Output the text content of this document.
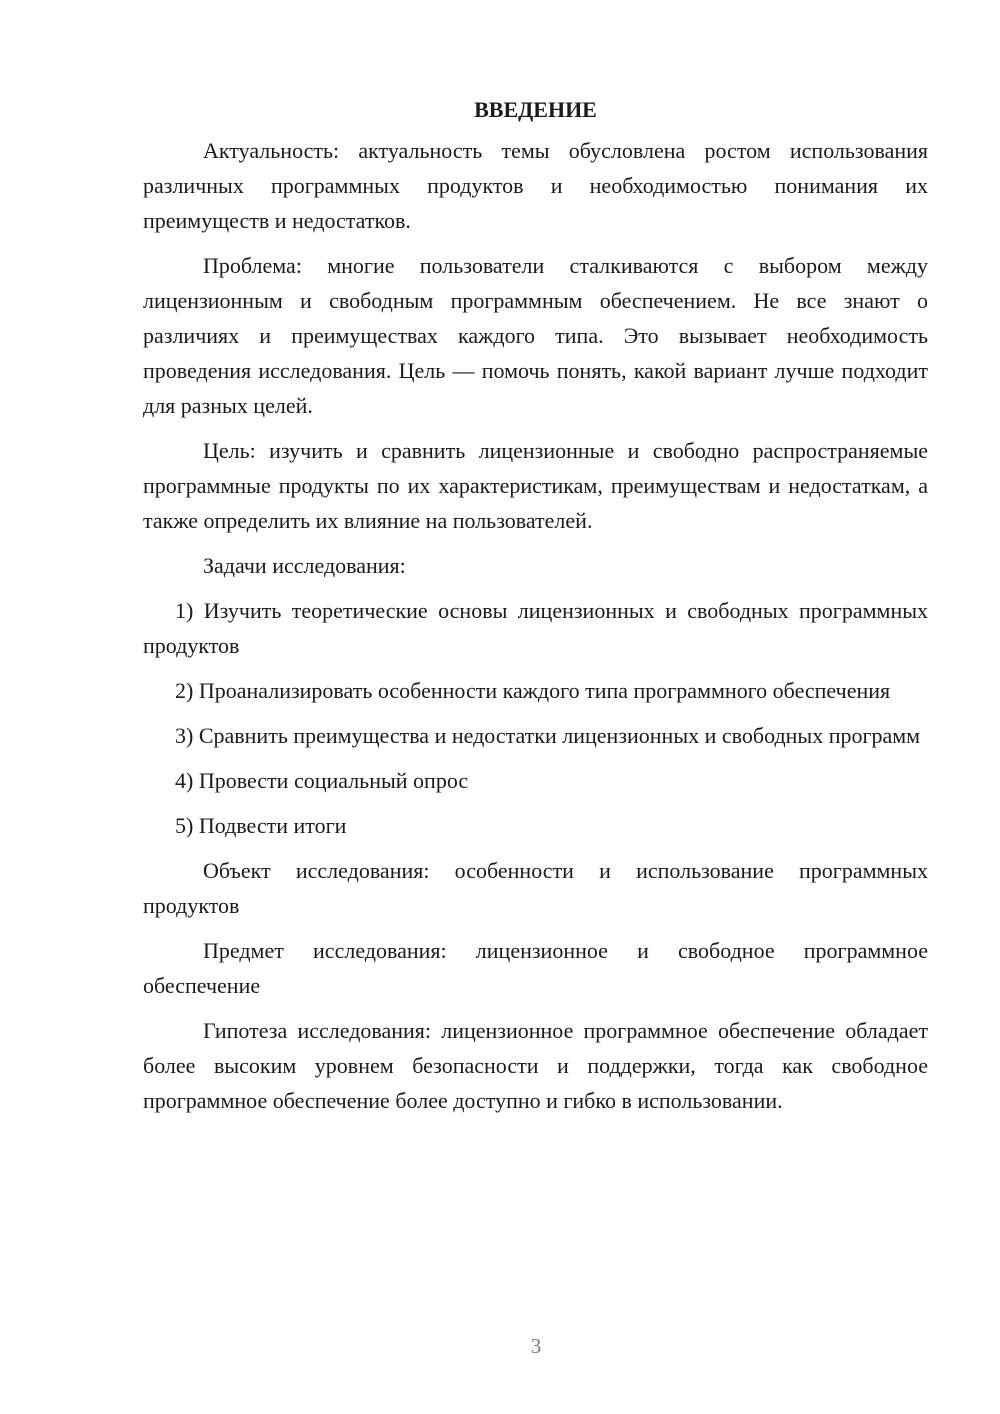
ВВЕДЕНИЕ

Актуальность: актуальность темы обусловлена ростом использования различных программных продуктов и необходимостью понимания их преимуществ и недостатков.

Проблема: многие пользователи сталкиваются с выбором между лицензионным и свободным программным обеспечением. Не все знают о различиях и преимуществах каждого типа. Это вызывает необходимость проведения исследования. Цель — помочь понять, какой вариант лучше подходит для разных целей.

Цель: изучить и сравнить лицензионные и свободно распространяемые программные продукты по их характеристикам, преимуществам и недостаткам, а также определить их влияние на пользователей.

Задачи исследования:

1) Изучить теоретические основы лицензионных и свободных программных продуктов

2) Проанализировать особенности каждого типа программного обеспечения

3) Сравнить преимущества и недостатки лицензионных и свободных программ

4) Провести социальный опрос

5) Подвести итоги

Объект исследования: особенности и использование программных продуктов

Предмет исследования: лицензионное и свободное программное обеспечение

Гипотеза исследования: лицензионное программное обеспечение обладает более высоким уровнем безопасности и поддержки, тогда как свободное программное обеспечение более доступно и гибко в использовании.

3
